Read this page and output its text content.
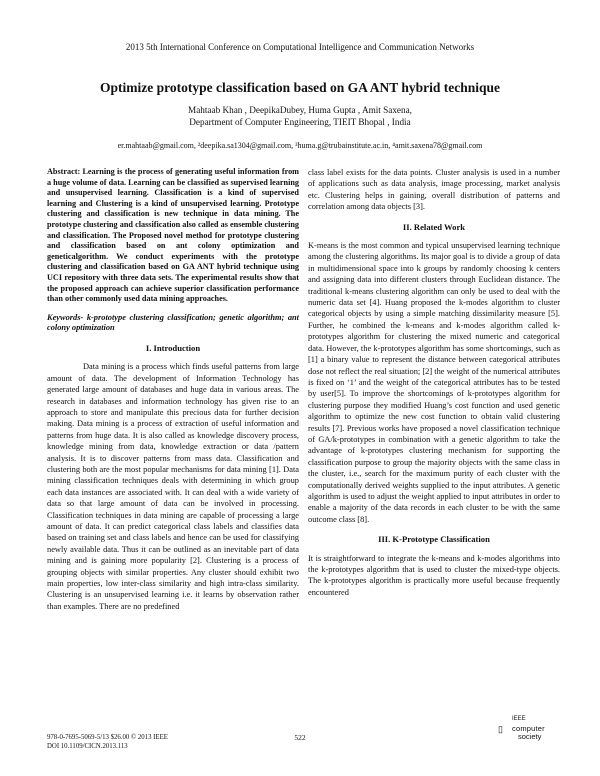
2013 5th International Conference on Computational Intelligence and Communication Networks
Optimize prototype classification based on GA ANT hybrid technique
Mahtaab Khan , DeepikaDubey, Huma Gupta , Amit Saxena,
Department of Computer Engineering, TIEIT Bhopal , India
er.mahtaab@gmail.com, ²deepika.sa1304@gmail.com, ³huma.g@trubainstitute.ac.in, ⁴amit.saxena78@gmail.com

Abstract: Learning is the process of generating useful information from a huge volume of data. Learning can be classified as supervised learning and unsupervised learning. Classification is a kind of supervised learning and Clustering is a kind of unsupervised learning. Prototype clustering and classification is new technique in data mining. The prototype clustering and classification also called as ensemble clustering and classification. The Proposed novel method for prototype clustering and classification based on ant colony optimization and geneticalgorithm. We conduct experiments with the prototype clustering and classification based on GA ANT hybrid technique using UCI repository with three data sets. The experimental results show that the proposed approach can achieve superior classification performance than other commonly used data mining approaches.

Keywords- k-prototype clustering classification; genetic algorithm; ant colony optimization

I. Introduction

Data mining is a process which finds useful patterns from large amount of data. The development of Information Technology has generated large amount of databases and huge data in various areas. The research in databases and information technology has given rise to an approach to store and manipulate this precious data for further decision making. Data mining is a process of extraction of useful information and patterns from huge data. It is also called as knowledge discovery process, knowledge mining from data, knowledge extraction or data /pattern analysis. It is to discover patterns from mass data. Classification and clustering both are the most popular mechanisms for data mining [1]. Data mining classification techniques deals with determining in which group each data instances are associated with. It can deal with a wide variety of data so that large amount of data can be involved in processing. Classification techniques in data mining are capable of processing a large amount of data. It can predict categorical class labels and classifies data based on training set and class labels and hence can be used for classifying newly available data. Thus it can be outlined as an inevitable part of data mining and is gaining more popularity [2]. Clustering is a process of grouping objects with similar properties. Any cluster should exhibit two main properties, low inter-class similarity and high intra-class similarity. Clustering is an unsupervised learning i.e. it learns by observation rather than examples. There are no predefined

class label exists for the data points. Cluster analysis is used in a number of applications such as data analysis, image processing, market analysis etc. Clustering helps in gaining, overall distribution of patterns and correlation among data objects [3].

II. Related Work

K-means is the most common and typical unsupervised learning technique among the clustering algorithms. Its major goal is to divide a group of data in multidimensional space into k groups by randomly choosing k centers and assigning data into different clusters through Euclidean distance. The traditional k-means clustering algorithm can only be used to deal with the numeric data set [4]. Huang proposed the k-modes algorithm to cluster categorical objects by using a simple matching dissimilarity measure [5]. Further, he combined the k-means and k-modes algorithm called k-prototypes algorithm for clustering the mixed numeric and categorical data. However, the k-prototypes algorithm has some shortcomings, such as [1] a binary value to represent the distance between categorical attributes dose not reflect the real situation; [2] the weight of the numerical attributes is fixed on ‘1’ and the weight of the categorical attributes has to be tested by user[5]. To improve the shortcomings of k-prototypes algorithm for clustering purpose they modified Huang’s cost function and used genetic algorithm to optimize the new cost function to obtain valid clustering results [7]. Previous works have proposed a novel classification technique of GA/k-prototypes in combination with a genetic algorithm to take the advantage of k-prototypes clustering mechanism for supporting the classification purpose to group the majority objects with the same class in the cluster, i.e., search for the maximum purity of each cluster with the computationally derived weights supplied to the input attributes. A genetic algorithm is used to adjust the weight applied to input attributes in order to enable a majority of the data records in each cluster to be with the same outcome class [8].

III. K-Prototype Classification

It is straightforward to integrate the k-means and k-modes algorithms into the k-prototypes algorithm that is used to cluster the mixed-type objects. The k-prototypes algorithm is practically more useful because frequently encountered

978-0-7695-5069-5/13 $26.00 © 2013 IEEE
DOI 10.1109/CICN.2013.113
522
▯
IEEE
computer
society
